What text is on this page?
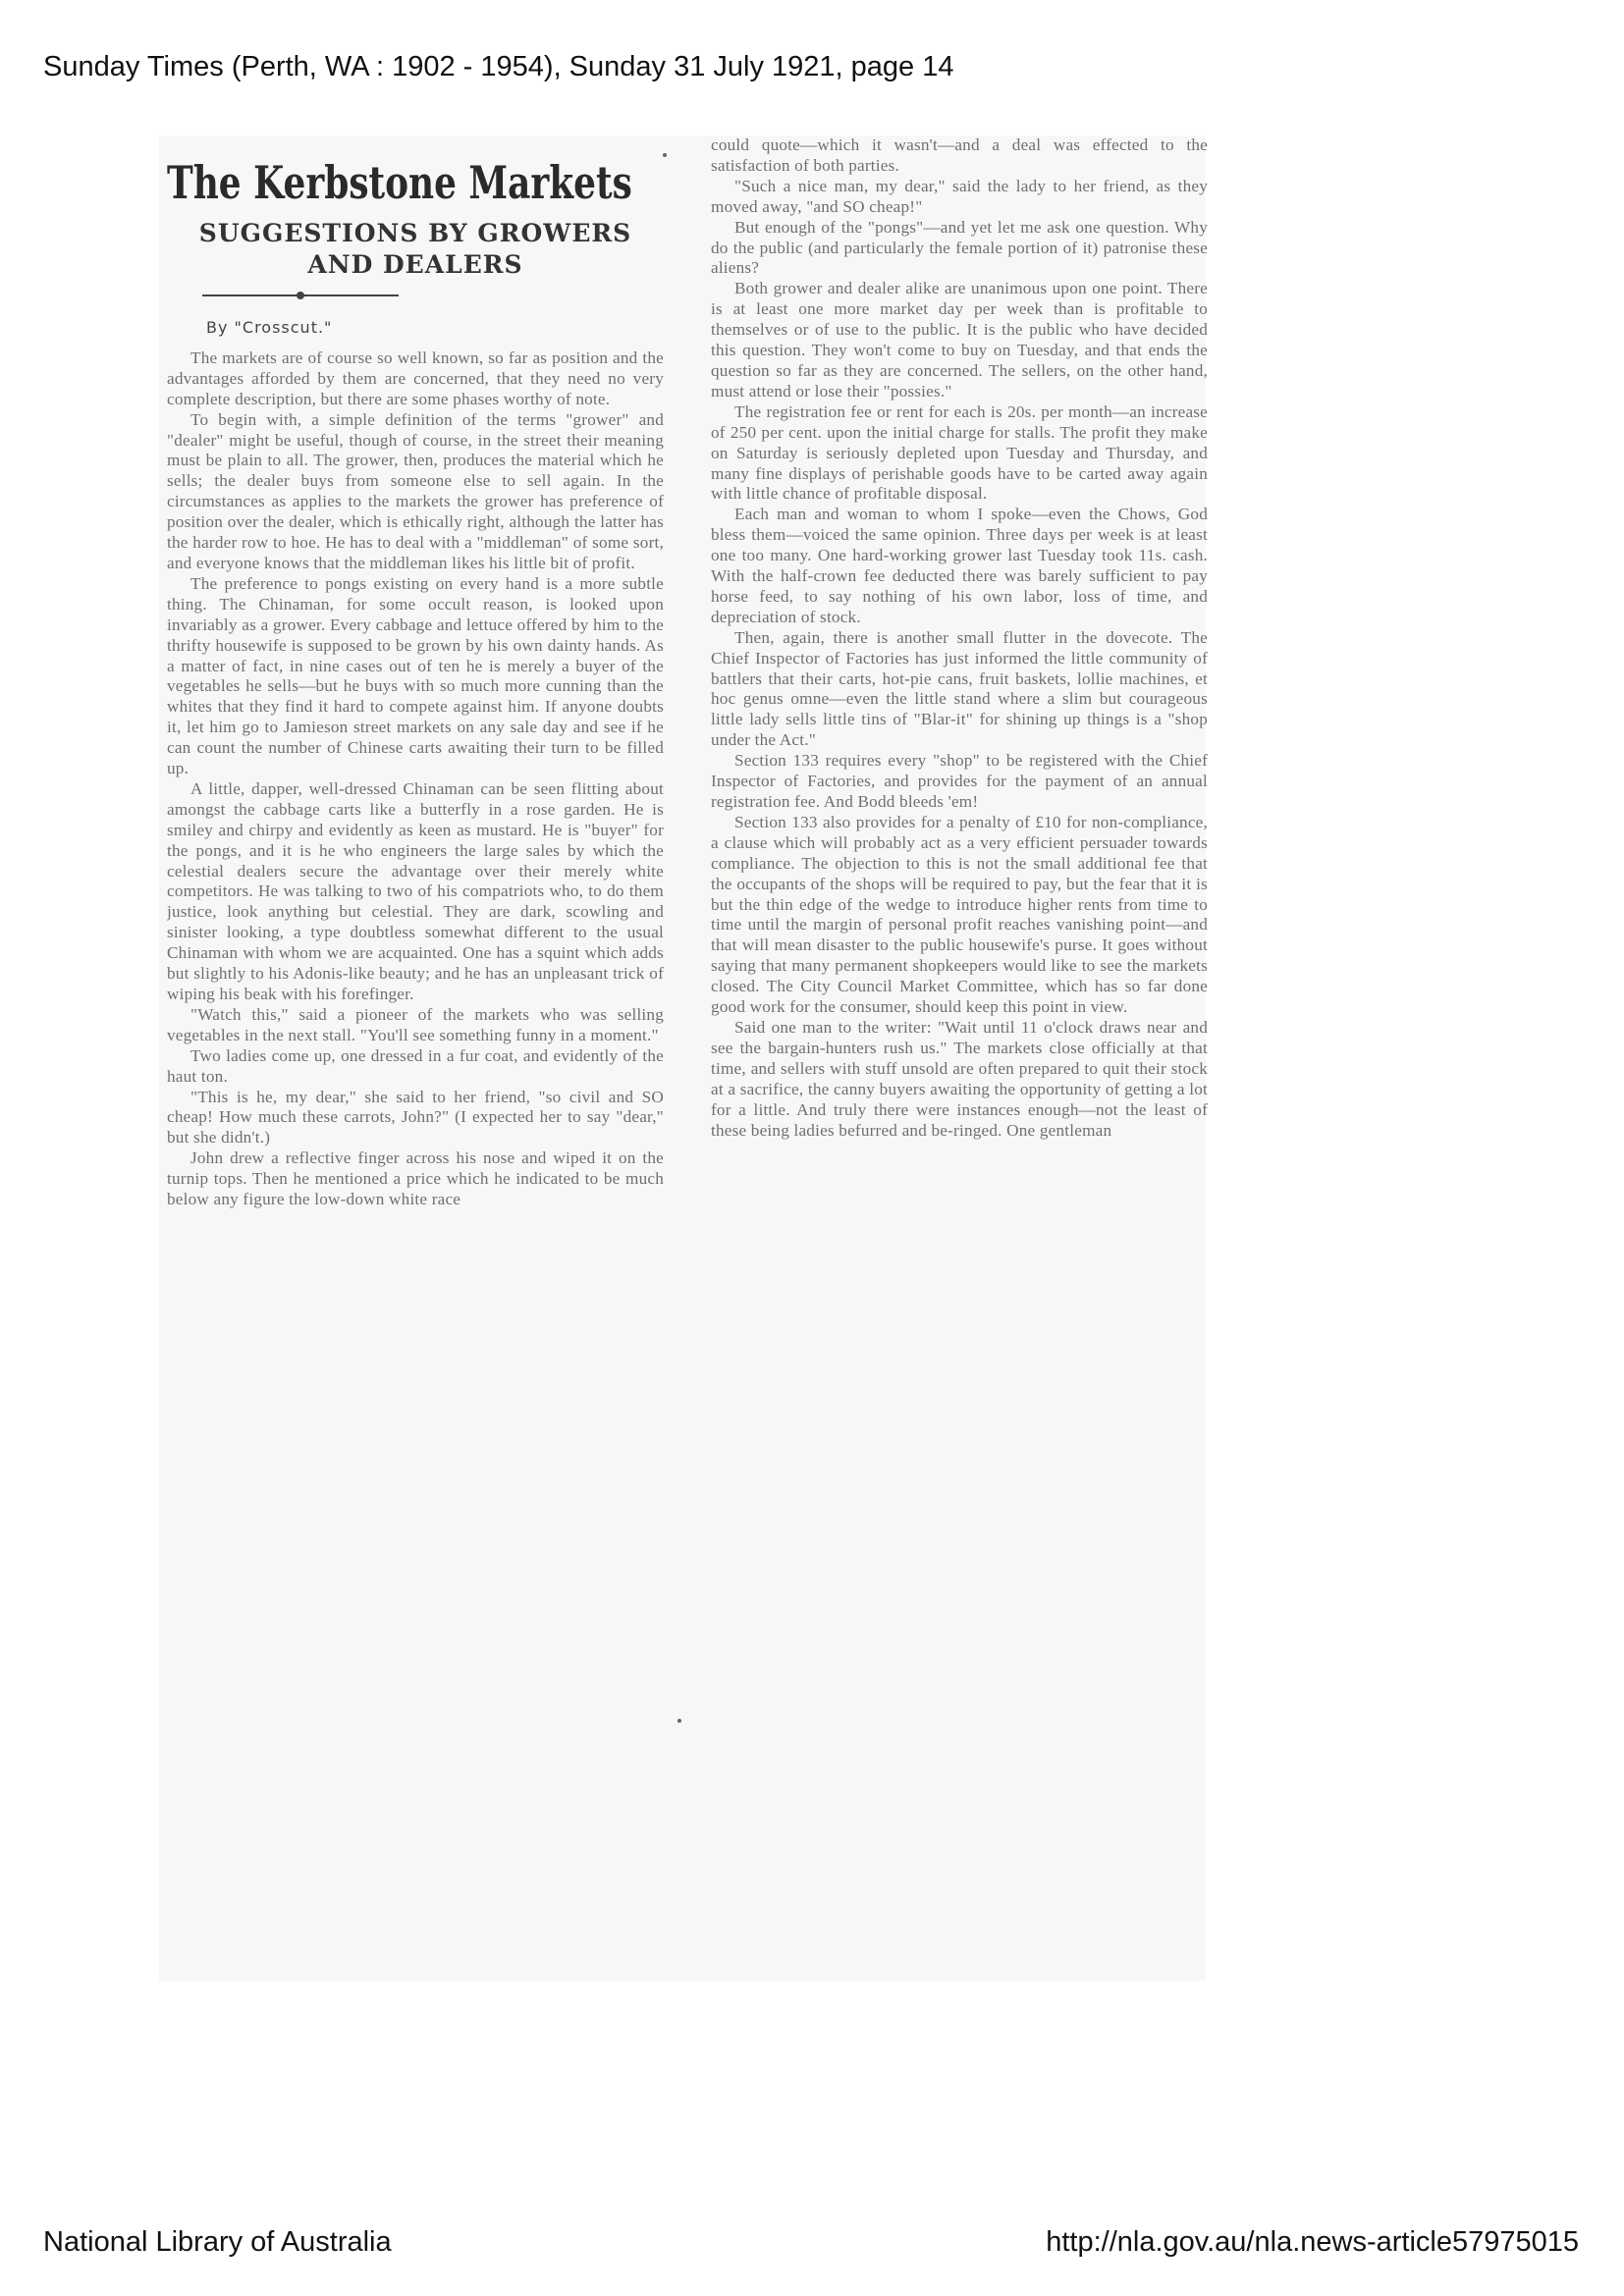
Sunday Times (Perth, WA : 1902 - 1954), Sunday 31 July 1921, page 14
The Kerbstone Markets
SUGGESTIONS BY GROWERS AND DEALERS
By "Crosscut."

The markets are of course so well known, so far as position and the advantages afforded by them are concerned, that they need no very complete description, but there are some phases worthy of note.

To begin with, a simple definition of the terms "grower" and "dealer" might be useful, though of course, in the street their meaning must be plain to all. The grower, then, produces the material which he sells; the dealer buys from someone else to sell again. In the circumstances as applies to the markets the grower has preference of position over the dealer, which is ethically right, although the latter has the harder row to hoe. He has to deal with a "middleman" of some sort, and everyone knows that the middleman likes his little bit of profit.

The preference to pongs existing on every hand is a more subtle thing. The Chinaman, for some occult reason, is looked upon invariably as a grower. Every cabbage and lettuce offered by him to the thrifty housewife is supposed to be grown by his own dainty hands. As a matter of fact, in nine cases out of ten he is merely a buyer of the vegetables he sells—but he buys with so much more cunning than the whites that they find it hard to compete against him. If anyone doubts it, let him go to Jamieson street markets on any sale day and see if he can count the number of Chinese carts awaiting their turn to be filled up.

A little, dapper, well-dressed Chinaman can be seen flitting about amongst the cabbage carts like a butterfly in a rose garden. He is smiley and chirpy and evidently as keen as mustard. He is "buyer" for the pongs, and it is he who engineers the large sales by which the celestial dealers secure the advantage over their merely white competitors. He was talking to two of his compatriots who, to do them justice, look anything but celestial. They are dark, scowling and sinister looking, a type doubtless somewhat different to the usual Chinaman with whom we are acquainted. One has a squint which adds but slightly to his Adonis-like beauty; and he has an unpleasant trick of wiping his beak with his forefinger.

"Watch this," said a pioneer of the markets who was selling vegetables in the next stall. "You'll see something funny in a moment."

Two ladies come up, one dressed in a fur coat, and evidently of the haut ton.

"This is he, my dear," she said to her friend, "so civil and SO cheap! How much these carrots, John?" (I expected her to say "dear," but she didn't.)

John drew a reflective finger across his nose and wiped it on the turnip tops. Then he mentioned a price which he indicated to be much below any figure the low-down white race

could quote—which it wasn't—and a deal was effected to the satisfaction of both parties.

"Such a nice man, my dear," said the lady to her friend, as they moved away, "and SO cheap!"

But enough of the "pongs"—and yet let me ask one question. Why do the public (and particularly the female portion of it) patronise these aliens?

Both grower and dealer alike are unanimous upon one point. There is at least one more market day per week than is profitable to themselves or of use to the public. It is the public who have decided this question. They won't come to buy on Tuesday, and that ends the question so far as they are concerned. The sellers, on the other hand, must attend or lose their "possies."

The registration fee or rent for each is 20s. per month—an increase of 250 per cent. upon the initial charge for stalls. The profit they make on Saturday is seriously depleted upon Tuesday and Thursday, and many fine displays of perishable goods have to be carted away again with little chance of profitable disposal.

Each man and woman to whom I spoke—even the Chows, God bless them—voiced the same opinion. Three days per week is at least one too many. One hard-working grower last Tuesday took 11s. cash. With the half-crown fee deducted there was barely sufficient to pay horse feed, to say nothing of his own labor, loss of time, and depreciation of stock.

Then, again, there is another small flutter in the dovecote. The Chief Inspector of Factories has just informed the little community of battlers that their carts, hot-pie cans, fruit baskets, lollie machines, et hoc genus omne—even the little stand where a slim but courageous little lady sells little tins of "Blar-it" for shining up things is a "shop under the Act."

Section 133 requires every "shop" to be registered with the Chief Inspector of Factories, and provides for the payment of an annual registration fee. And Bodd bleeds 'em!

Section 133 also provides for a penalty of £10 for non-compliance, a clause which will probably act as a very efficient persuader towards compliance. The objection to this is not the small additional fee that the occupants of the shops will be required to pay, but the fear that it is but the thin edge of the wedge to introduce higher rents from time to time until the margin of personal profit reaches vanishing point—and that will mean disaster to the public housewife's purse. It goes without saying that many permanent shopkeepers would like to see the markets closed. The City Council Market Committee, which has so far done good work for the consumer, should keep this point in view.

Said one man to the writer: "Wait until 11 o'clock draws near and see the bargain-hunters rush us." The markets close officially at that time, and sellers with stuff unsold are often prepared to quit their stock at a sacrifice, the canny buyers awaiting the opportunity of getting a lot for a little. And truly there were instances enough—not the least of these being ladies befurred and be-ringed. One gentleman

National Library of Australia	http://nla.gov.au/nla.news-article57975015
